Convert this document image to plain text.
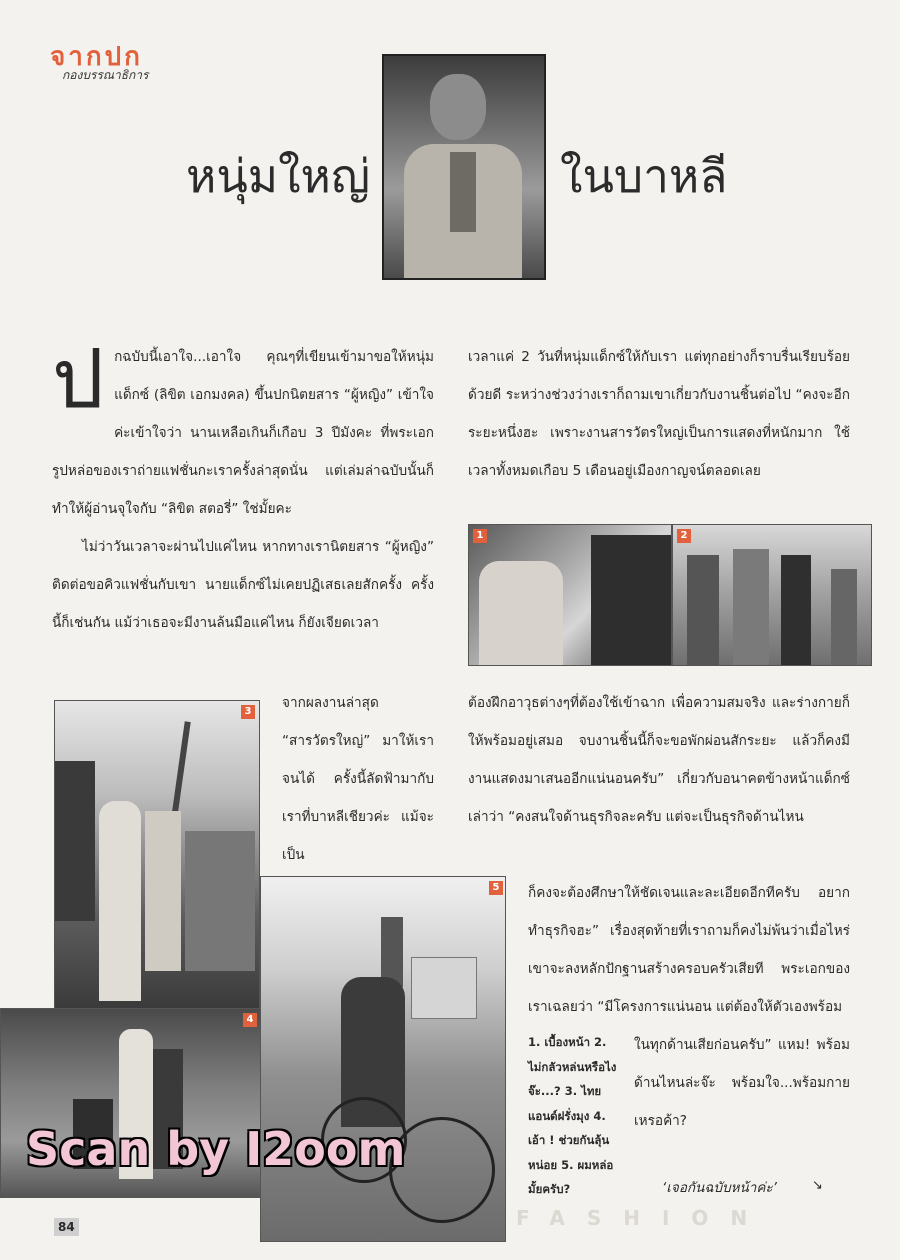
จากปก
กองบรรณาธิการ
หนุ่มใหญ่	ในบาหลี
ป กฉบับนี้เอาใจ...เอาใจ คุณๆที่เขียนเข้ามาขอให้หนุ่มแด็กซ์ (ลิขิต เอกมงคล) ขึ้นปกนิตยสาร “ผู้หญิง” เข้าใจค่ะเข้าใจว่า นานเหลือเกินก็เกือบ 3 ปีมังคะ ที่พระเอกรูปหล่อของเราถ่ายแฟชั่นกะเราครั้งล่าสุดนั่น แต่เล่มล่าฉบับนั้นก็ทำให้ผู้อ่านจุใจกับ “ลิขิต สตอรี่” ใช่มั้ยคะ

ไม่ว่าวันเวลาจะผ่านไปแค่ไหน หากทางเรานิตยสาร “ผู้หญิง” ติดต่อขอคิวแฟชั่นกับเขา นายแด็กซ์ไม่เคยปฏิเสธเลยสักครั้ง ครั้งนี้ก็เช่นกัน แม้ว่าเธอจะมีงานล้นมือแค่ไหน ก็ยังเจียดเวลา

จากผลงานล่าสุด “สารวัตรใหญ่” มาให้เราจนได้ ครั้งนี้ลัดฟ้ามากับเราที่บาหลีเชียวค่ะ แม้จะเป็น

เวลาแค่ 2 วันที่หนุ่มแด็กซ์ให้กับเรา แต่ทุกอย่างก็ราบรื่นเรียบร้อยด้วยดี ระหว่างช่วงว่างเราก็ถามเขาเกี่ยวกับงานชิ้นต่อไป “คงจะอีกระยะหนึ่งฮะ เพราะงานสารวัตรใหญ่เป็นการแสดงที่หนักมาก ใช้เวลาทั้งหมดเกือบ 5 เดือนอยู่เมืองกาญจน์ตลอดเลย

1	2

ต้องฝึกอาวุธต่างๆที่ต้องใช้เข้าฉาก เพื่อความสมจริง และร่างกายก็ให้พร้อมอยู่เสมอ จบงานชิ้นนี้ก็จะขอพักผ่อนสักระยะ แล้วก็คงมีงานแสดงมาเสนออีกแน่นอนครับ” เกี่ยวกับอนาคตข้างหน้าแด็กซ์เล่าว่า “คงสนใจด้านธุรกิจละครับ แต่จะเป็นธุรกิจด้านไหน

ก็คงจะต้องศึกษาให้ชัดเจนและละเอียดอีกทีครับ อยากทำธุรกิจฮะ” เรื่องสุดท้ายที่เราถามก็คงไม่พ้นว่าเมื่อไหร่เขาจะลงหลักปักฐานสร้างครอบครัวเสียที พระเอกของเราเฉลยว่า “มีโครงการแน่นอน แต่ต้องให้ตัวเองพร้อม

ในทุกด้านเสียก่อนครับ” แหม! พร้อมด้านไหนล่ะจ๊ะ พร้อมใจ...พร้อมกายเหรอค้า?

3
4
5
1. เบื้องหน้า 2. ไม่กลัวหล่นหรือไงจ๊ะ...? 3. ไทยแอนด์ฝรั่งมุง 4. เอ้า ! ช่วยกันลุ้นหน่อย 5. ผมหล่อมั้ยครับ?	‘เจอกันฉบับหน้าค่ะ’	↘
FASHION
84
Scan by I2oom
